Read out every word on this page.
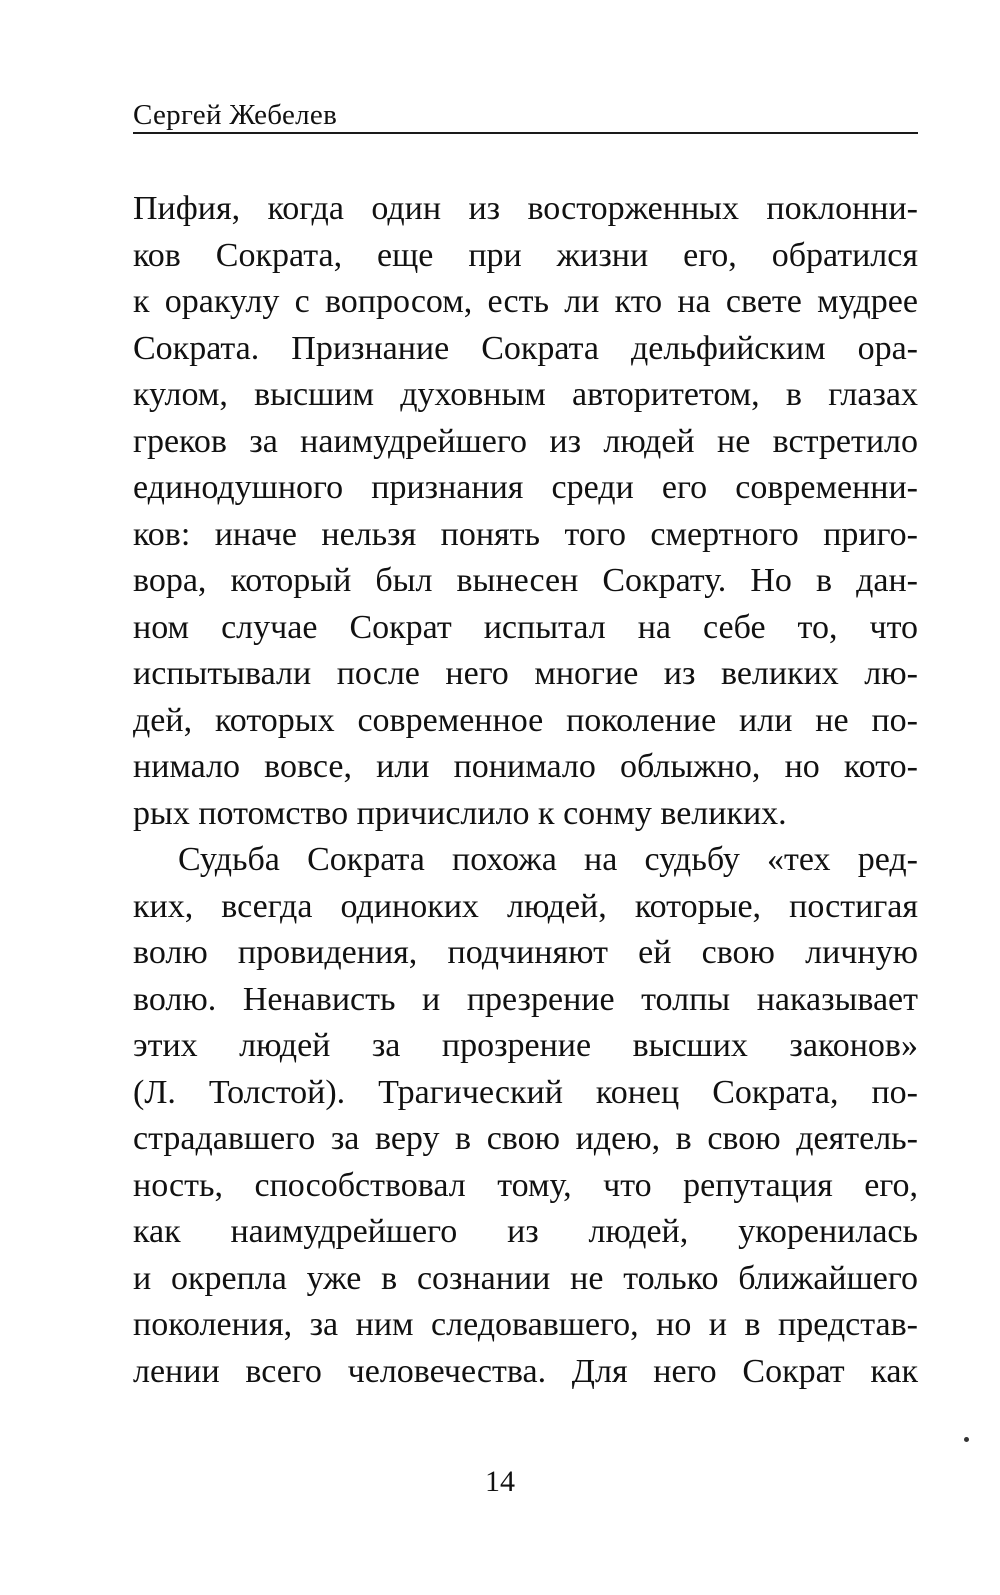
Сергей Жебелев
Пифия, когда один из восторженных поклонни-
ков Сократа, еще при жизни его, обратился
к оракулу с вопросом, есть ли кто на свете мудрее
Сократа. Признание Сократа дельфийским ора-
кулом, высшим духовным авторитетом, в глазах
греков за наимудрейшего из людей не встретило
единодушного признания среди его современни-
ков: иначе нельзя понять того смертного приго-
вора, который был вынесен Сократу. Но в дан-
ном случае Сократ испытал на себе то, что
испытывали после него многие из великих лю-
дей, которых современное поколение или не по-
нимало вовсе, или понимало облыжно, но кото-
рых потомство причислило к сонму великих.
Судьба Сократа похожа на судьбу «тех ред-
ких, всегда одиноких людей, которые, постигая
волю провидения, подчиняют ей свою личную
волю. Ненависть и презрение толпы наказывает
этих людей за прозрение высших законов»
(Л. Толстой). Трагический конец Сократа, по-
страдавшего за веру в свою идею, в свою деятель-
ность, способствовал тому, что репутация его,
как наимудрейшего из людей, укоренилась
и окрепла уже в сознании не только ближайшего
поколения, за ним следовавшего, но и в представ-
лении всего человечества. Для него Сократ как
14
